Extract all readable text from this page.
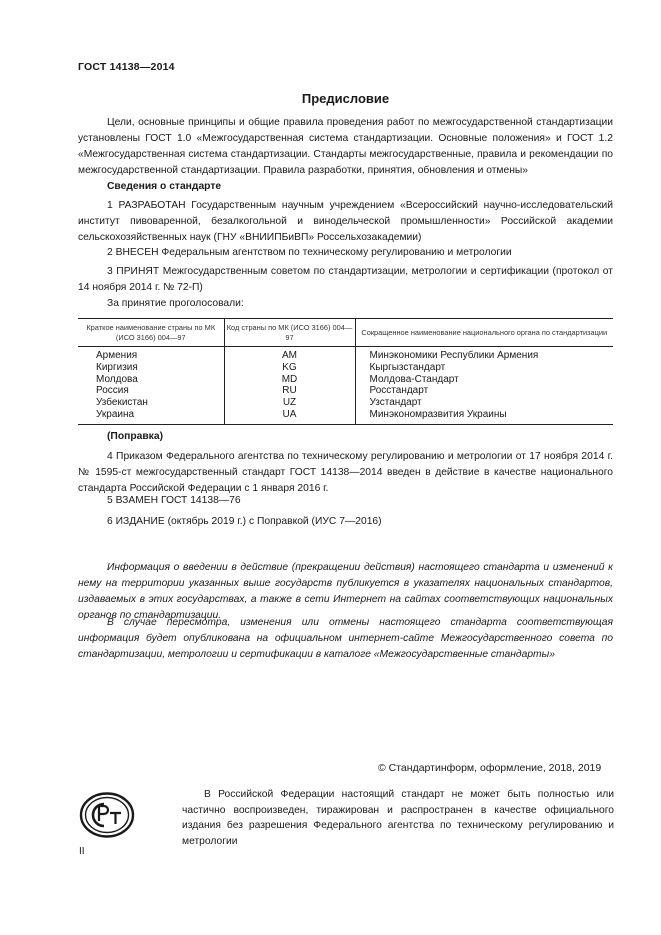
ГОСТ 14138—2014
Предисловие

Цели, основные принципы и общие правила проведения работ по межгосударственной стандартизации установлены ГОСТ 1.0 «Межгосударственная система стандартизации. Основные положения» и ГОСТ 1.2 «Межгосударственная система стандартизации. Стандарты межгосударственные, правила и рекомендации по межгосударственной стандартизации. Правила разработки, принятия, обновления и отмены»

Сведения о стандарте

1 РАЗРАБОТАН Государственным научным учреждением «Всероссийский научно-исследовательский институт пивоваренной, безалкогольной и винодельческой промышленности» Российской академии сельскохозяйственных наук (ГНУ «ВНИИПБиВП» Россельхозакадемии)

2 ВНЕСЕН Федеральным агентством по техническому регулированию и метрологии

3 ПРИНЯТ Межгосударственным советом по стандартизации, метрологии и сертификации (протокол от 14 ноября 2014 г. № 72-П)

За принятие проголосовали:

Краткое наименование страны по МК (ИСО 3166) 004—97	Код страны по МК (ИСО 3166) 004—97	Сокращенное наименование национального органа по стандартизации
Армения	AM	Минэкономики Республики Армения
Киргизия	KG	Кыргызстандарт
Молдова	MD	Молдова-Стандарт
Россия	RU	Росстандарт
Узбекистан	UZ	Узстандарт
Украина	UA	Минэкономразвития Украины

(Поправка)

4 Приказом Федерального агентства по техническому регулированию и метрологии от 17 ноября 2014 г. № 1595-ст межгосударственный стандарт ГОСТ 14138—2014 введен в действие в качестве национального стандарта Российской Федерации с 1 января 2016 г.

5 ВЗАМЕН ГОСТ 14138—76

6 ИЗДАНИЕ (октябрь 2019 г.) с Поправкой (ИУС 7—2016)

Информация о введении в действие (прекращении действия) настоящего стандарта и изменений к нему на территории указанных выше государств публикуется в указателях национальных стандартов, издаваемых в этих государствах, а также в сети Интернет на сайтах соответствующих национальных органов по стандартизации.

В случае пересмотра, изменения или отмены настоящего стандарта соответствующая информация будет опубликована на официальном интернет-сайте Межгосударственного совета по стандартизации, метрологии и сертификации в каталоге «Межгосударственные стандарты»

© Стандартинформ, оформление, 2018, 2019

В Российской Федерации настоящий стандарт не может быть полностью или частично воспроизведен, тиражирован и распространен в качестве официального издания без разрешения Федерального агентства по техническому регулированию и метрологии

II
